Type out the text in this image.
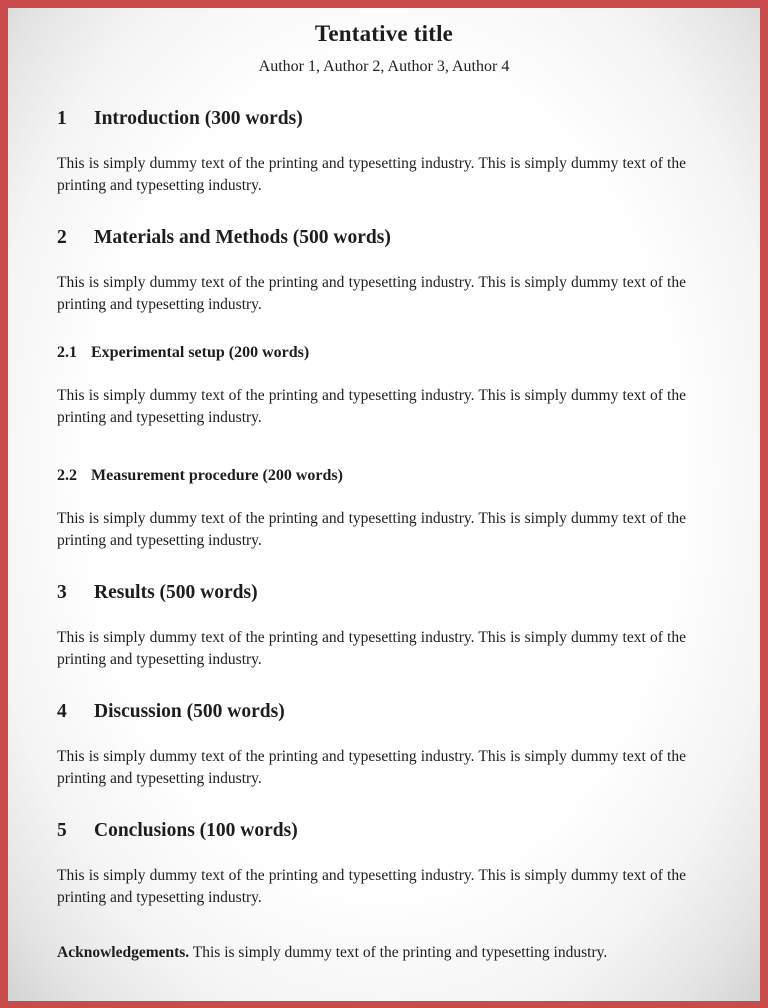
Tentative title
Author 1, Author 2, Author 3, Author 4
1	Introduction (300 words)

This is simply dummy text of the printing and typesetting industry. This is simply dummy text of the printing and typesetting industry.

2	Materials and Methods (500 words)

This is simply dummy text of the printing and typesetting industry. This is simply dummy text of the printing and typesetting industry.

2.1 Experimental setup (200 words)

This is simply dummy text of the printing and typesetting industry. This is simply dummy text of the printing and typesetting industry.

2.2 Measurement procedure (200 words)

This is simply dummy text of the printing and typesetting industry. This is simply dummy text of the printing and typesetting industry.

3	Results (500 words)

This is simply dummy text of the printing and typesetting industry. This is simply dummy text of the printing and typesetting industry.

4	Discussion (500 words)

This is simply dummy text of the printing and typesetting industry. This is simply dummy text of the printing and typesetting industry.

5	Conclusions (100 words)

This is simply dummy text of the printing and typesetting industry. This is simply dummy text of the printing and typesetting industry.

Acknowledgements. This is simply dummy text of the printing and typesetting industry.
